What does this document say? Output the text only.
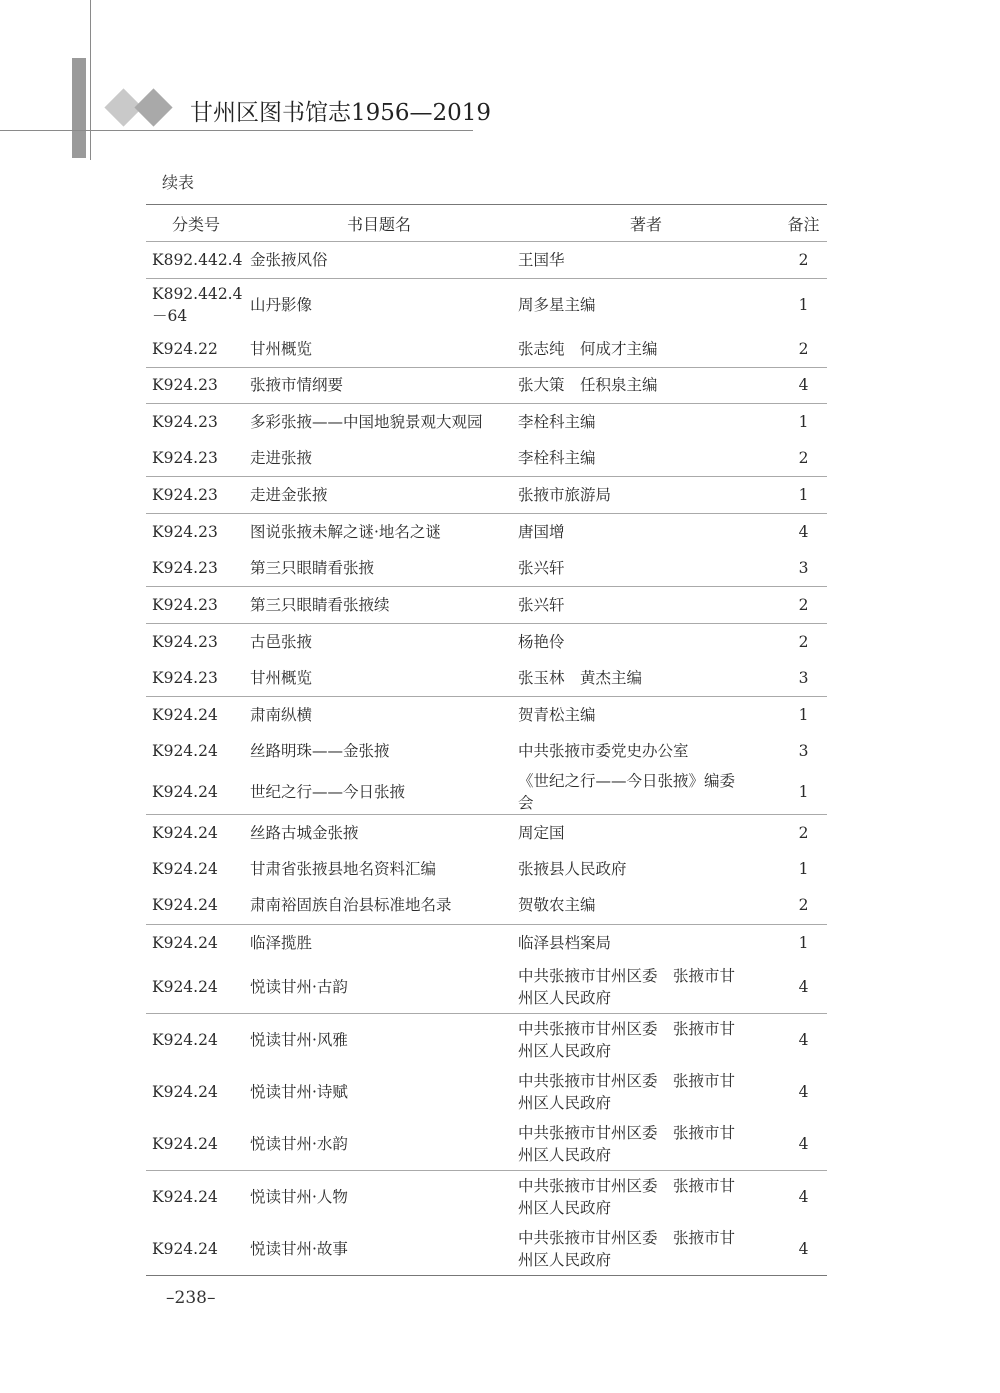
甘州区图书馆志1956—2019
续表
分类号	书目题名	著者	备注
K892.442.4	金张掖风俗	王国华	2
K892.442.4 －64	山丹影像	周多星主编	1
K924.22	甘州概览	张志纯　何成才主编	2
K924.23	张掖市情纲要	张大策　任积泉主编	4
K924.23	多彩张掖——中国地貌景观大观园	李栓科主编	1
K924.23	走进张掖	李栓科主编	2
K924.23	走进金张掖	张掖市旅游局	1
K924.23	图说张掖未解之谜·地名之谜	唐国增	4
K924.23	第三只眼睛看张掖	张兴轩	3
K924.23	第三只眼睛看张掖续	张兴轩	2
K924.23	古邑张掖	杨艳伶	2
K924.23	甘州概览	张玉林　黄杰主编	3
K924.24	肃南纵横	贺青松主编	1
K924.24	丝路明珠——金张掖	中共张掖市委党史办公室	3
K924.24	世纪之行——今日张掖	《世纪之行——今日张掖》编委会	1
K924.24	丝路古城金张掖	周定国	2
K924.24	甘肃省张掖县地名资料汇编	张掖县人民政府	1
K924.24	肃南裕固族自治县标准地名录	贺敬农主编	2
K924.24	临泽揽胜	临泽县档案局	1
K924.24	悦读甘州·古韵	中共张掖市甘州区委　张掖市甘州区人民政府	4
K924.24	悦读甘州·风雅	中共张掖市甘州区委　张掖市甘州区人民政府	4
K924.24	悦读甘州·诗赋	中共张掖市甘州区委　张掖市甘州区人民政府	4
K924.24	悦读甘州·水韵	中共张掖市甘州区委　张掖市甘州区人民政府	4
K924.24	悦读甘州·人物	中共张掖市甘州区委　张掖市甘州区人民政府	4
K924.24	悦读甘州·故事	中共张掖市甘州区委　张掖市甘州区人民政府	4
–238–
